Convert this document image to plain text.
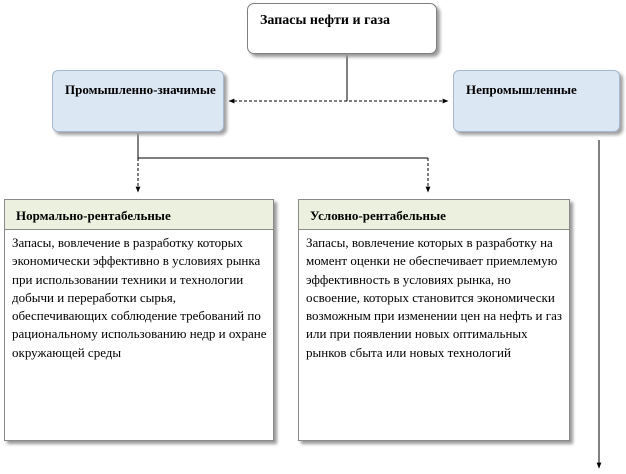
Запасы нефти и газа
Промышленно-значимые	Непромышленные
Нормально-рентабельные
Запасы, вовлечение в разработку которых экономически эффективно в условиях рынка при использовании техники и технологии добычи и переработки сырья, обеспечивающих соблюдение требований по рациональному использованию недр и охране окружающей среды
Условно-рентабельные
Запасы, вовлечение которых в разработку на момент оценки не обеспечивает приемлемую эффективность в условиях рынка, но освоение, которых становится экономически возможным при изменении цен на нефть и газ или при появлении новых оптимальных рынков сбыта или новых технологий
